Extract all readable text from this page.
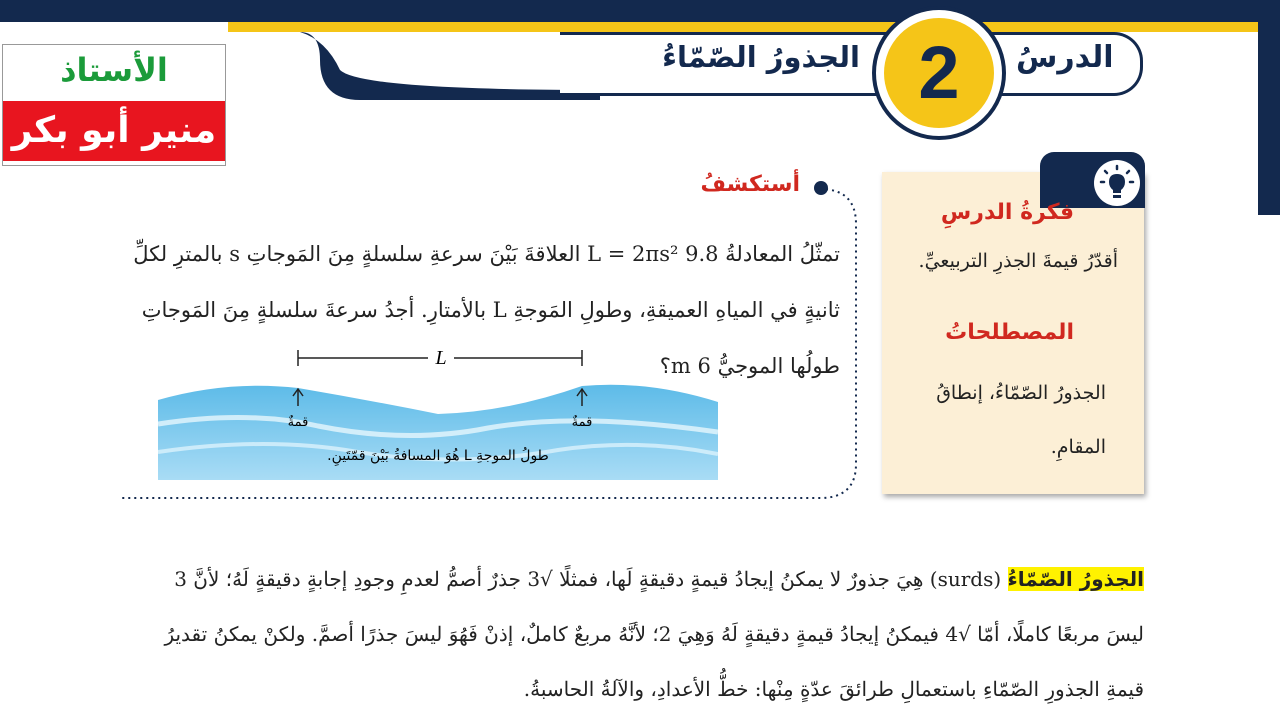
الدرسُ
الجذورُ الصّمّاءُ 2
الأستاذ
منير أبو بكر
أستكشفُ
تمثّلُ المعادلةُ 9.8 L = 2πs² العلاقةَ بَيْنَ سرعةِ سلسلةٍ مِنَ المَوجاتِ s بالمترِ لكلِّ
ثانيةٍ في المياهِ العميقةِ، وطولِ المَوجةِ L بالأمتارِ. أجدُ سرعةَ سلسلةٍ مِنَ المَوجاتِ
طولُها الموجيُّ 6 m؟
L
قمةٌ	قمةٌ
طولُ الموجةِ L هُوَ المسافةُ بَيْنَ قمّتَينِ.
فكرةُ الدرسِ
أقدّرُ قيمةَ الجذرِ التربيعيِّ.
المصطلحاتُ
الجذورُ الصّمّاءُ، إنطاقُ المقامِ.
الجذورُ الصّمّاءُ (surds) هِيَ جذورٌ لا يمكنُ إيجادُ قيمةٍ دقيقةٍ لَها، فمثلًا √3 جذرٌ أصمُّ لعدمِ وجودِ إجابةٍ دقيقةٍ لَهُ؛ لأنَّ 3
ليسَ مربعًا كاملًا، أمّا √4 فيمكنُ إيجادُ قيمةٍ دقيقةٍ لَهُ وَهِيَ 2؛ لأنَّهُ مربعٌ كاملٌ، إذنْ فَهُوَ ليسَ جذرًا أصمَّ. ولكنْ يمكنُ تقديرُ
قيمةِ الجذورِ الصّمّاءِ باستعمالِ طرائقَ عدّةٍ مِنْها: خطُّ الأعدادِ، والآلةُ الحاسبةُ.
